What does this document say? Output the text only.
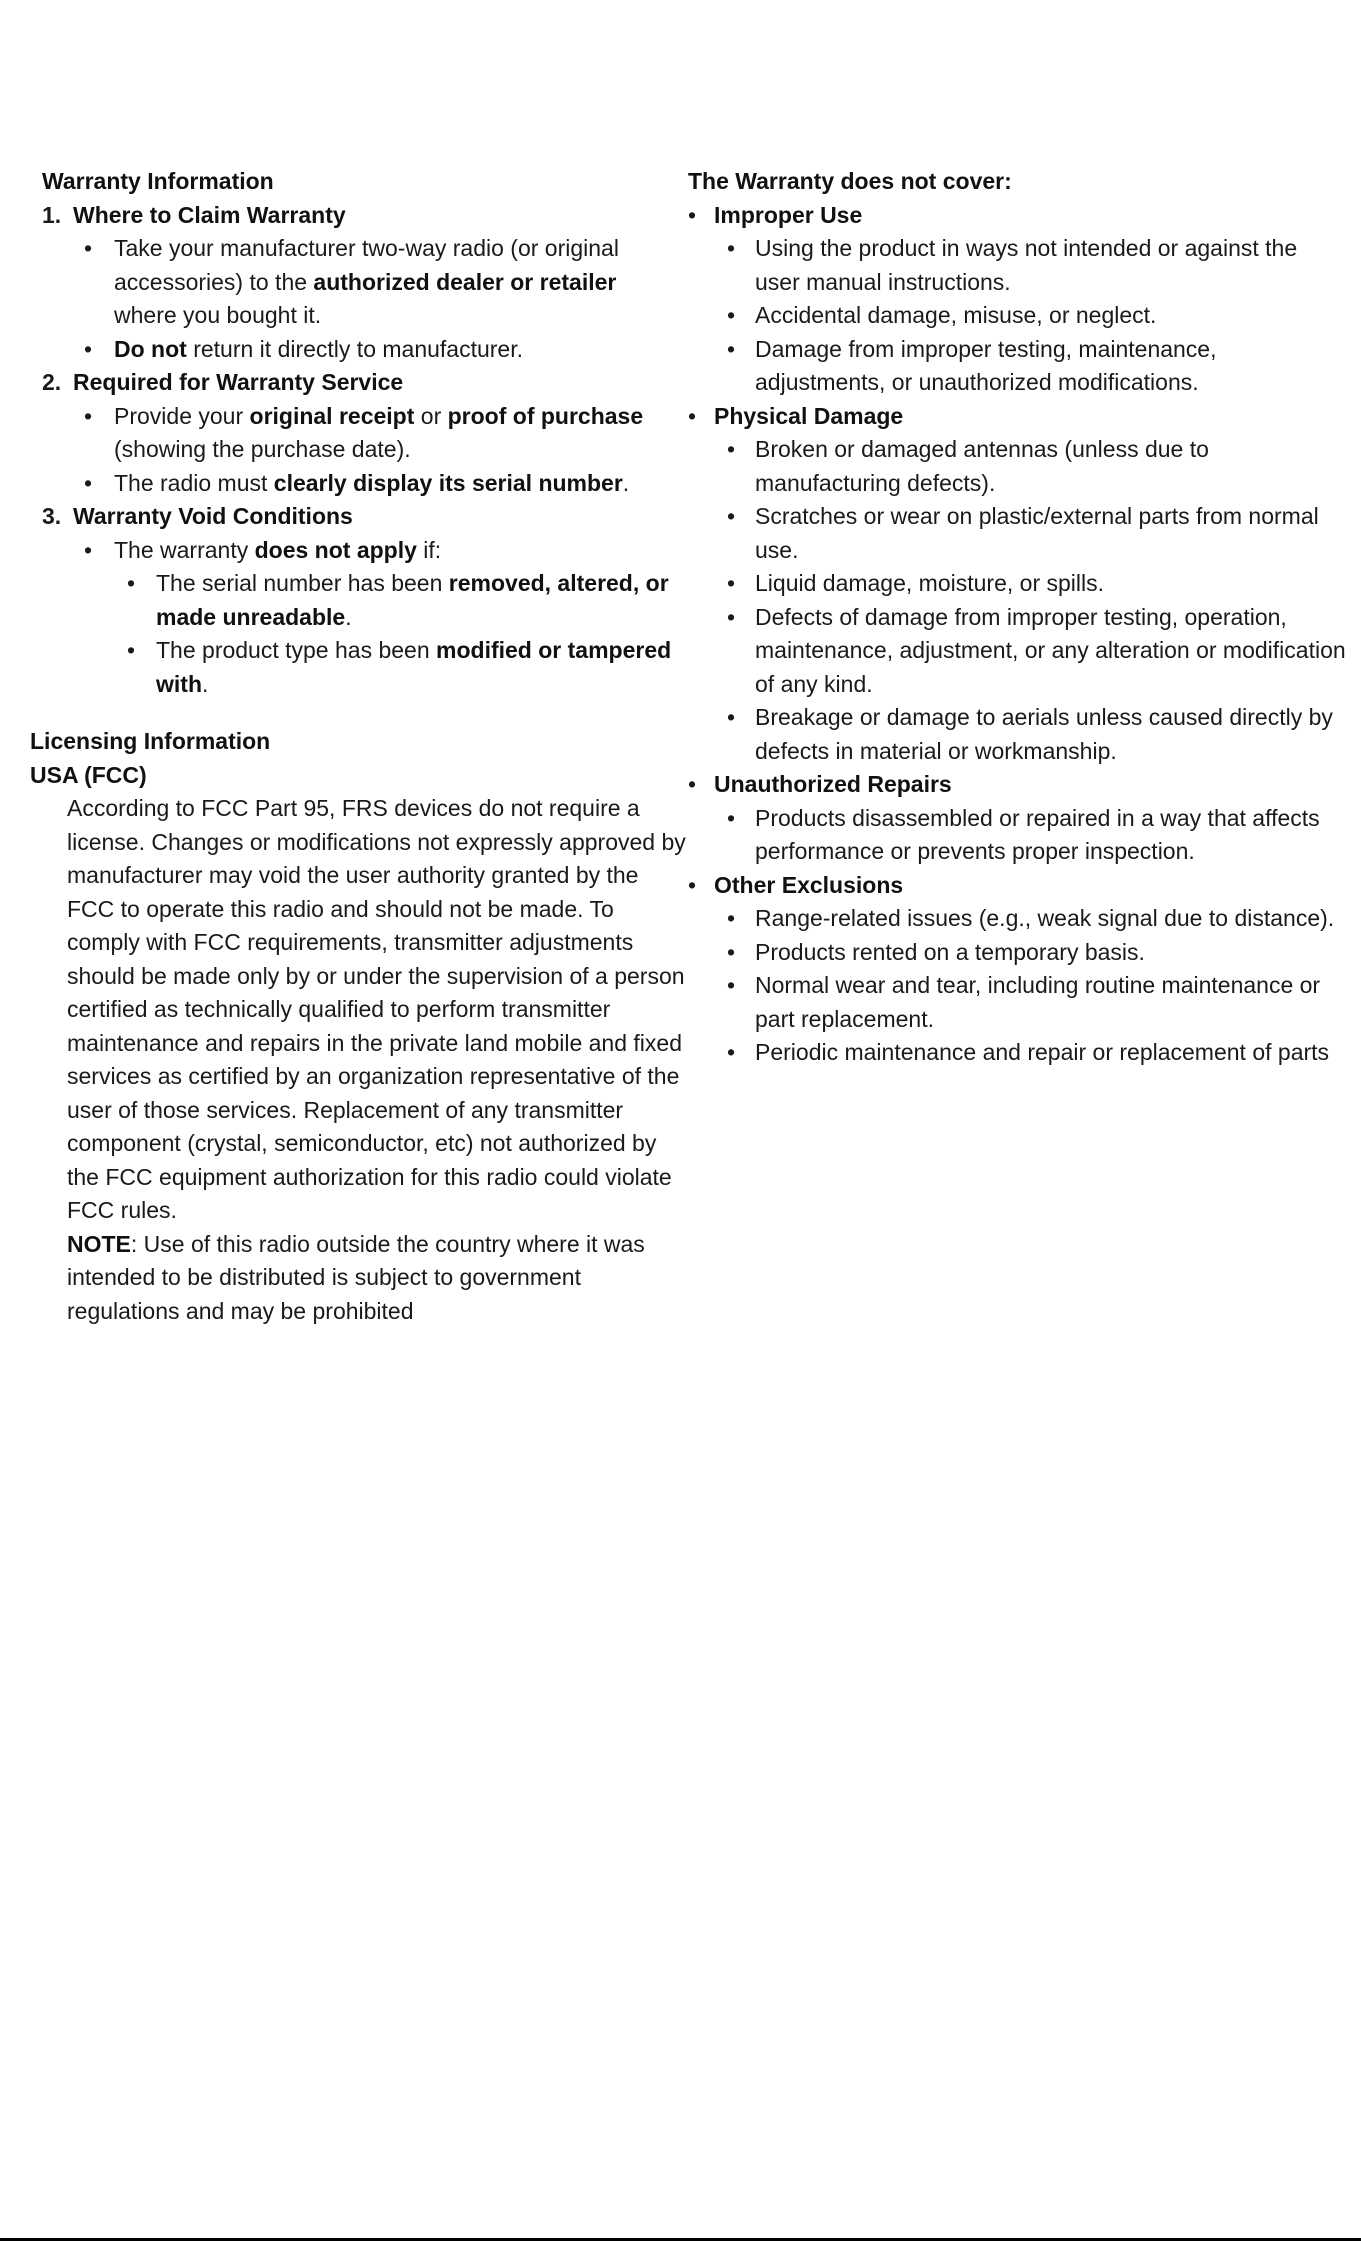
Warranty Information
1. Where to Claim Warranty
• Take your manufacturer two-way radio (or original accessories) to the authorized dealer or retailer where you bought it.
• Do not return it directly to manufacturer.
2. Required for Warranty Service
• Provide your original receipt or proof of purchase (showing the purchase date).
• The radio must clearly display its serial number.
3. Warranty Void Conditions
• The warranty does not apply if:
• The serial number has been removed, altered, or made unreadable.
• The product type has been modified or tampered with.
Licensing Information
USA (FCC)
According to FCC Part 95, FRS devices do not require a license. Changes or modifications not expressly approved by manufacturer may void the user authority granted by the FCC to operate this radio and should not be made. To comply with FCC requirements, transmitter adjustments should be made only by or under the supervision of a person certified as technically qualified to perform transmitter maintenance and repairs in the private land mobile and fixed services as certified by an organization representative of the user of those services. Replacement of any transmitter component (crystal, semiconductor, etc) not authorized by the FCC equipment authorization for this radio could violate FCC rules.
NOTE: Use of this radio outside the country where it was intended to be distributed is subject to government regulations and may be prohibited
The Warranty does not cover:
• Improper Use
• Using the product in ways not intended or against the user manual instructions.
• Accidental damage, misuse, or neglect.
• Damage from improper testing, maintenance, adjustments, or unauthorized modifications.
• Physical Damage
• Broken or damaged antennas (unless due to manufacturing defects).
• Scratches or wear on plastic/external parts from normal use.
• Liquid damage, moisture, or spills.
• Defects of damage from improper testing, operation, maintenance, adjustment, or any alteration or modification of any kind.
• Breakage or damage to aerials unless caused directly by defects in material or workmanship.
• Unauthorized Repairs
• Products disassembled or repaired in a way that affects performance or prevents proper inspection.
• Other Exclusions
• Range-related issues (e.g., weak signal due to distance).
• Products rented on a temporary basis.
• Normal wear and tear, including routine maintenance or part replacement.
• Periodic maintenance and repair or replacement of parts
